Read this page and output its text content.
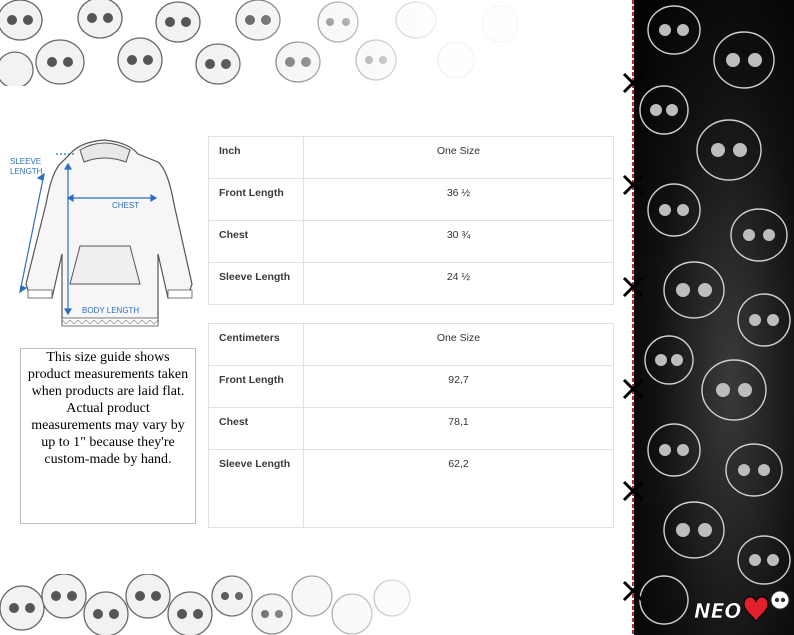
SLEEVE
LENGTH
CHEST
BODY LENGTH
This size guide shows product measurements taken when products are laid flat. Actual product measurements may vary by up to 1" because they're custom-made by hand.
Inch	One Size
Front Length	36 ½
Chest	30 ¾
Sleeve Length	24 ½
Centimeters	One Size
Front Length	92,7
Chest	78,1
Sleeve Length	62,2
NEO
